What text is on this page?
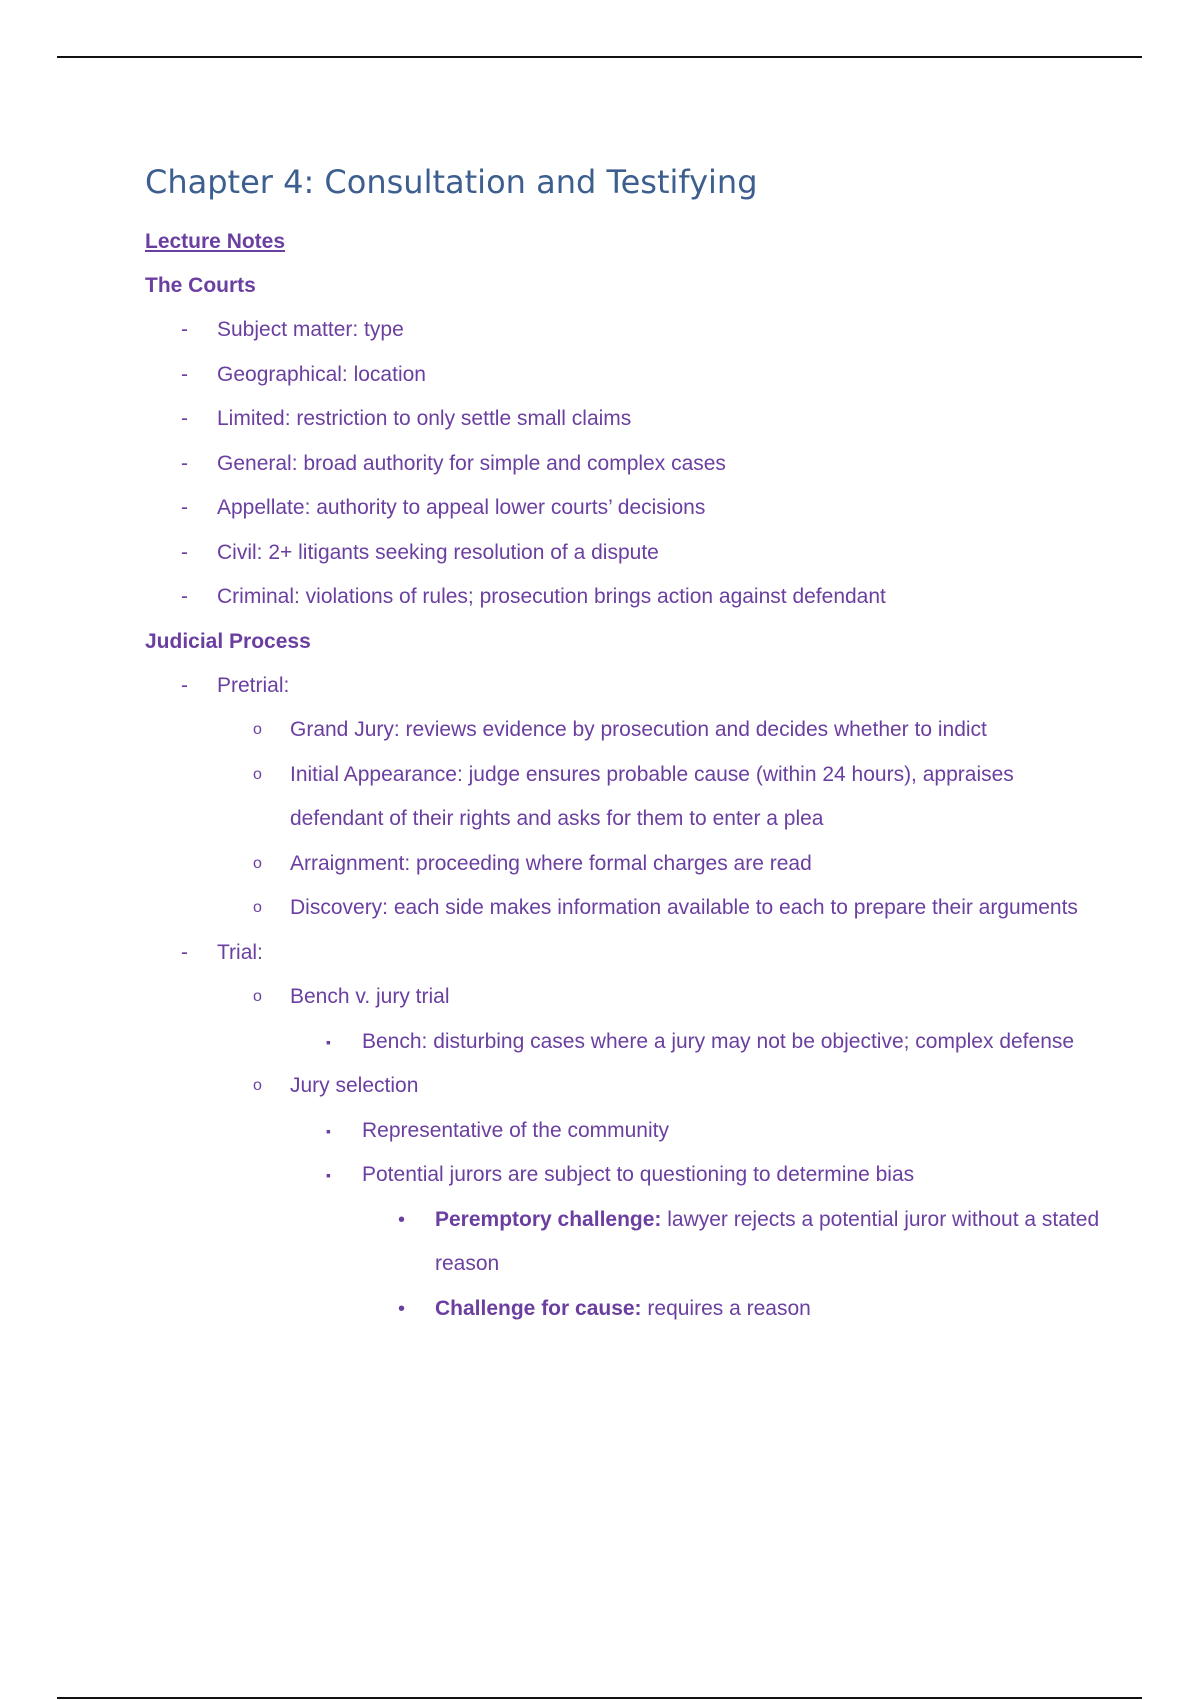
Chapter 4: Consultation and Testifying
Lecture Notes
The Courts
- Subject matter: type
- Geographical: location
- Limited: restriction to only settle small claims
- General: broad authority for simple and complex cases
- Appellate: authority to appeal lower courts’ decisions
- Civil: 2+ litigants seeking resolution of a dispute
- Criminal: violations of rules; prosecution brings action against defendant
Judicial Process
- Pretrial:
o Grand Jury: reviews evidence by prosecution and decides whether to indict
o Initial Appearance: judge ensures probable cause (within 24 hours), appraises defendant of their rights and asks for them to enter a plea
o Arraignment: proceeding where formal charges are read
o Discovery: each side makes information available to each to prepare their arguments
- Trial:
o Bench v. jury trial
▪ Bench: disturbing cases where a jury may not be objective; complex defense
o Jury selection
▪ Representative of the community
▪ Potential jurors are subject to questioning to determine bias
• Peremptory challenge: lawyer rejects a potential juror without a stated reason
• Challenge for cause: requires a reason
